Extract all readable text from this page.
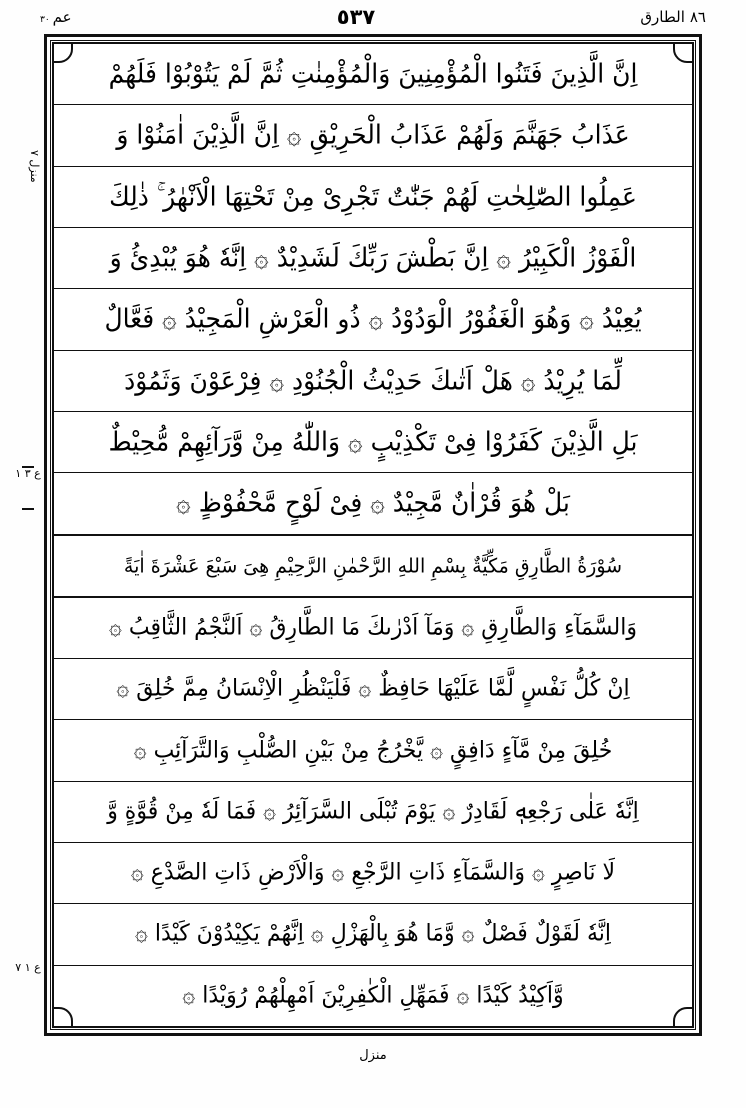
٨٦
الطارق
٥٣٧
عم
٣٠
اِنَّ الَّذِينَ فَتَنُوا الْمُؤْمِنِينَ وَالْمُؤْمِنٰتِ ثُمَّ لَمْ يَتُوْبُوْا فَلَهُمْ
عَذَابُ جَهَنَّمَ وَلَهُمْ عَذَابُ الْحَرِيْقِ ۞ اِنَّ الَّذِيْنَ اٰمَنُوْا وَ
عَمِلُوا الصّٰلِحٰتِ لَهُمْ جَنّٰتٌ تَجْرِىْ مِنْ تَحْتِهَا الْاَنْهٰرُ ۚ ذٰلِكَ
الْفَوْزُ الْكَبِيْرُ ۞ اِنَّ بَطْشَ رَبِّكَ لَشَدِيْدٌ ۞ اِنَّهٗ هُوَ يُبْدِئُ وَ
يُعِيْدُ ۞ وَهُوَ الْغَفُوْرُ الْوَدُوْدُ ۞ ذُو الْعَرْشِ الْمَجِيْدُ ۞ فَعَّالٌ
لِّمَا يُرِيْدُ ۞ هَلْ اَتٰىكَ حَدِيْثُ الْجُنُوْدِ ۞ فِرْعَوْنَ وَثَمُوْدَ
بَلِ الَّذِيْنَ كَفَرُوْا فِىْ تَكْذِيْبٍ ۞ وَاللّٰهُ مِنْ وَّرَآئِهِمْ مُّحِيْطٌ
بَلْ هُوَ قُرْاٰنٌ مَّجِيْدٌ ۞ فِىْ لَوْحٍ مَّحْفُوْظٍ ۞
سُوْرَةُ الطَّارِقِ مَكِّيَّةٌ بِسْمِ اللهِ الرَّحْمٰنِ الرَّحِيْمِ هِىَ سَبْعَ عَشْرَةَ اٰيَةً
وَالسَّمَآءِ وَالطَّارِقِ ۞ وَمَآ اَدْرٰىكَ مَا الطَّارِقُ ۞ اَلنَّجْمُ الثَّاقِبُ ۞
اِنْ كُلُّ نَفْسٍ لَّمَّا عَلَيْهَا حَافِظٌ ۞ فَلْيَنْظُرِ الْاِنْسَانُ مِمَّ خُلِقَ ۞
خُلِقَ مِنْ مَّآءٍ دَافِقٍ ۞ يَّخْرُجُ مِنْ بَيْنِ الصُّلْبِ وَالتَّرَآئِبِ ۞
اِنَّهٗ عَلٰى رَجْعِهٖ لَقَادِرٌ ۞ يَوْمَ تُبْلَى السَّرَآئِرُ ۞ فَمَا لَهٗ مِنْ قُوَّةٍ وَّ
لَا نَاصِرٍ ۞ وَالسَّمَآءِ ذَاتِ الرَّجْعِ ۞ وَالْاَرْضِ ذَاتِ الصَّدْعِ ۞
اِنَّهٗ لَقَوْلٌ فَصْلٌ ۞ وَّمَا هُوَ بِالْهَزْلِ ۞ اِنَّهُمْ يَكِيْدُوْنَ كَيْدًا ۞
وَّاَكِيْدُ كَيْدًا ۞ فَمَهِّلِ الْكٰفِرِيْنَ اَمْهِلْهُمْ رُوَيْدًا ۞
منزل ٧
ع ٣ ١
ع ١ ٧
منزل
